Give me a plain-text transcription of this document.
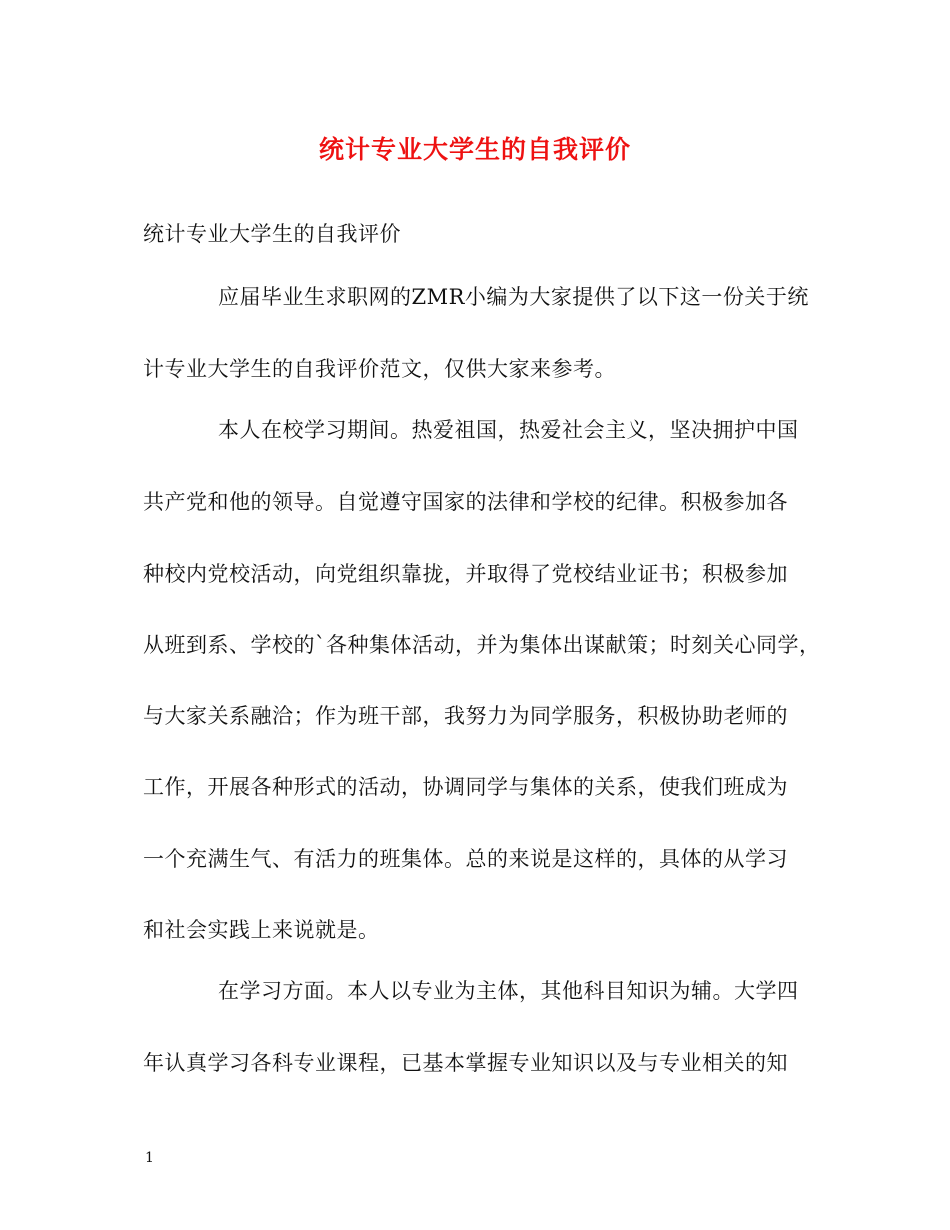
统计专业大学生的自我评价

统计专业大学生的自我评价

应届毕业生求职网的ZMR小编为大家提供了以下这一份关于统

计专业大学生的自我评价范文，仅供大家来参考。

本人在校学习期间。热爱祖国，热爱社会主义，坚决拥护中国

共产党和他的领导。自觉遵守国家的法律和学校的纪律。积极参加各

种校内党校活动，向党组织靠拢，并取得了党校结业证书；积极参加

从班到系、学校的`各种集体活动，并为集体出谋献策；时刻关心同学，

与大家关系融洽；作为班干部，我努力为同学服务，积极协助老师的

工作，开展各种形式的活动，协调同学与集体的关系，使我们班成为

一个充满生气、有活力的班集体。总的来说是这样的，具体的从学习

和社会实践上来说就是。

在学习方面。本人以专业为主体，其他科目知识为辅。大学四

年认真学习各科专业课程，已基本掌握专业知识以及与专业相关的知

1
